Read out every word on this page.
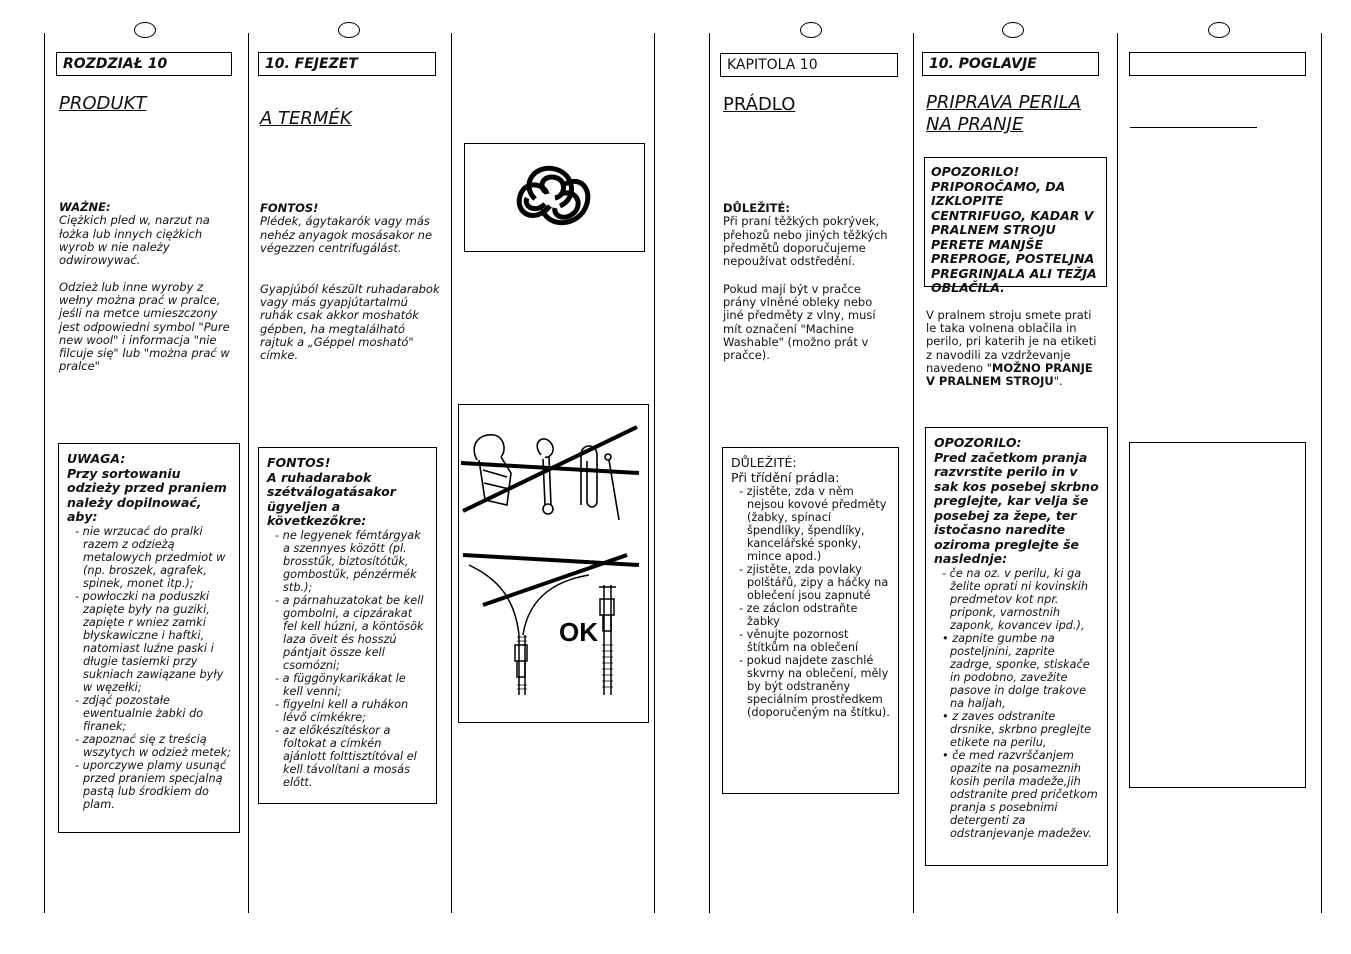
ROZDZIAŁ 10
PRODUKT

WAŻNE:
Ciężkich pled w, narzut na łożka lub innych ciężkich wyrob w nie należy odwirowywać.

Odzież lub inne wyroby z wełny można prać w pralce, jeśli na metce umieszczony jest odpowiedni symbol "Pure new wool" i informacja "nie filcuje się" lub "można prać w pralce"

UWAGA:
Przy sortowaniu odzieży przed praniem należy dopilnować, aby:
- nie wrzucać do pralki razem z odzieżą metalowych przedmiot w (np. broszek, agrafek, spinek, monet itp.);
- powłoczki na poduszki zapięte były na guziki, zapięte r wniez zamki błyskawiczne i haftki, natomiast luźne paski i długie tasiemki przy sukniach zawiązane były w węzełki;
- zdjąć pozostałe ewentualnie żabki do firanek;
- zapoznać się z treścią wszytych w odzież metek;
- uporczywe plamy usunąć przed praniem specjalną pastą lub środkiem do plam.
10. FEJEZET
A TERMÉK

FONTOS!
Plédek, ágytakarók vagy más nehéz anyagok mosásakor ne végezzen centrifugálást.

Gyapjúból készült ruhadarabok vagy más gyapjútartalmú ruhák csak akkor moshatók gépben, ha megtalálható rajtuk a „Géppel mosható" címke.

FONTOS!
A ruhadarabok szétválogatásakor ügyeljen a következőkre:
- ne legyenek fémtárgyak a szennyes között (pl. brosstűk, biztosítótűk, gombostűk, pénzérmék stb.);
- a párnahuzatokat be kell gombolni, a cipzárakat fel kell húzni, a köntösök laza öveit és hosszú pántjait össze kell csomózni;
- a függönykarikákat le kell venni;
- figyelni kell a ruhákon lévő címkékre;
- az előkészítéskor a foltokat a címkén ajánlott folttisztítóval el kell távolítani a mosás előtt.
OK
KAPITOLA 10
PRÁDLO

DŮLEŽITÉ:
Při praní těžkých pokrývek, přehozů nebo jiných těžkých předmětů doporučujeme nepoužívat odstředění.

Pokud mají být v pračce prány vlněné obleky nebo jiné předměty z vlny, musí mít označení "Machine Washable" (možno prát v pračce).

DŮLEŽITÉ:
Při třídění prádla:
- zjistěte, zda v něm nejsou kovové předměty (žabky, spínací špendlíky, špendlíky, kancelářské sponky, mince apod.)
- zjistěte, zda povlaky polštářů, zipy a háčky na oblečení jsou zapnuté
- ze záclon odstraňte žabky
- věnujte pozornost štítkům na oblečení
- pokud najdete zaschlé skvrny na oblečení, měly by být odstraněny speciálním prostředkem (doporučeným na štítku).
10. POGLAVJE
PRIPRAVA PERILA NA PRANJE
OPOZORILO!
PRIPOROČAMO, DA IZKLOPITE CENTRIFUGO, KADAR V PRALNEM STROJU PERETE MANJŠE PREPROGE, POSTELJNA PREGRINJALA ALI TEŽJA OBLAČILA.

V pralnem stroju smete prati le taka volnena oblačila in perilo, pri katerih je na etiketi z navodili za vzdrževanje navedeno "MOŽNO PRANJE V PRALNEM STROJU".

OPOZORILO:
Pred začetkom pranja razvrstite perilo in v sak kos posebej skrbno preglejte, kar velja še posebej za žepe, ter istočasno naredite oziroma preglejte še naslednje:
- če na oz. v perilu, ki ga želite oprati ni kovinskih predmetov kot npr. priponk, varnostnih zaponk, kovancev ipd.),
• zapnite gumbe na posteljnini, zaprite zadrge, sponke, stiskače in podobno, zavežite pasove in dolge trakove na haljah,
• z zaves odstranite drsnike, skrbno preglejte etikete na perilu,
• če med razvrščanjem opazite na posameznih kosih perila madeže,jih odstranite pred pričetkom pranja s posebnimi detergenti za odstranjevanje madežev.
